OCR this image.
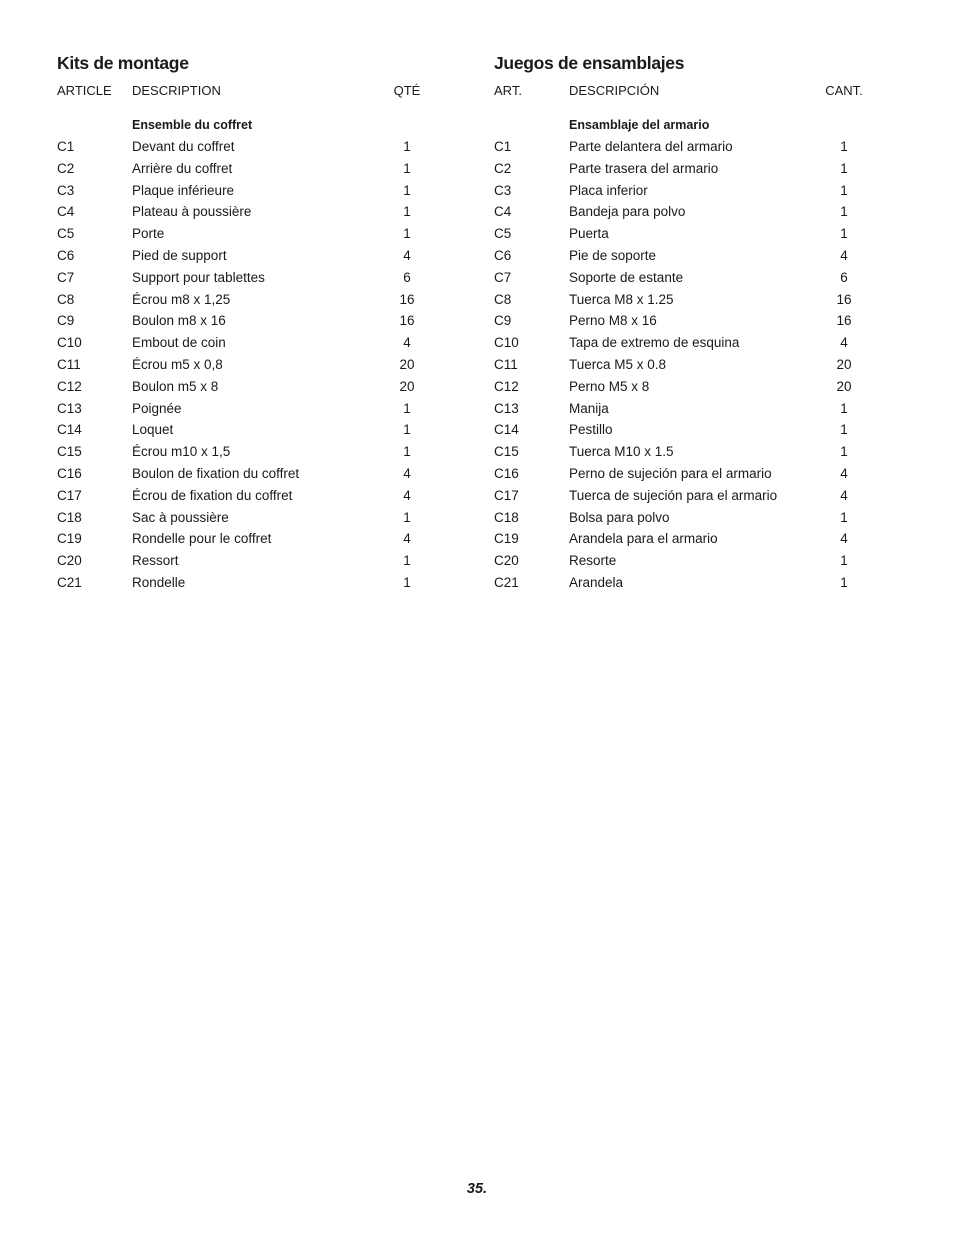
Kits de montage
ARTICLE DESCRIPTION	QTÉ
Ensemble du coffret
C1	Devant du coffret	1
C2	Arrière du coffret	1
C3	Plaque inférieure	1
C4	Plateau à poussière	1
C5	Porte	1
C6	Pied de support	4
C7	Support pour tablettes	6
C8	Écrou m8 x 1,25	16
C9	Boulon m8 x 16	16
C10	Embout de coin	4
C11	Écrou m5 x 0,8	20
C12	Boulon m5 x 8	20
C13	Poignée	1
C14	Loquet	1
C15	Écrou m10 x 1,5	1
C16	Boulon de fixation du coffret	4
C17	Écrou de fixation du coffret	4
C18	Sac à poussière	1
C19	Rondelle pour le coffret	4
C20	Ressort	1
C21	Rondelle	1
Juegos de ensamblajes
ART.	DESCRIPCIÓN	CANT.
Ensamblaje del armario
C1	Parte delantera del armario	1
C2	Parte trasera del armario	1
C3	Placa inferior	1
C4	Bandeja para polvo	1
C5	Puerta	1
C6	Pie de soporte	4
C7	Soporte de estante	6
C8	Tuerca M8 x 1.25	16
C9	Perno M8 x 16	16
C10	Tapa de extremo de esquina	4
C11	Tuerca M5 x 0.8	20
C12	Perno M5 x 8	20
C13	Manija	1
C14	Pestillo	1
C15	Tuerca M10 x 1.5	1
C16	Perno de sujeción para el armario	4
C17	Tuerca de sujeción para el armario	4
C18	Bolsa para polvo	1
C19	Arandela para el armario	4
C20	Resorte	1
C21	Arandela	1
35.
